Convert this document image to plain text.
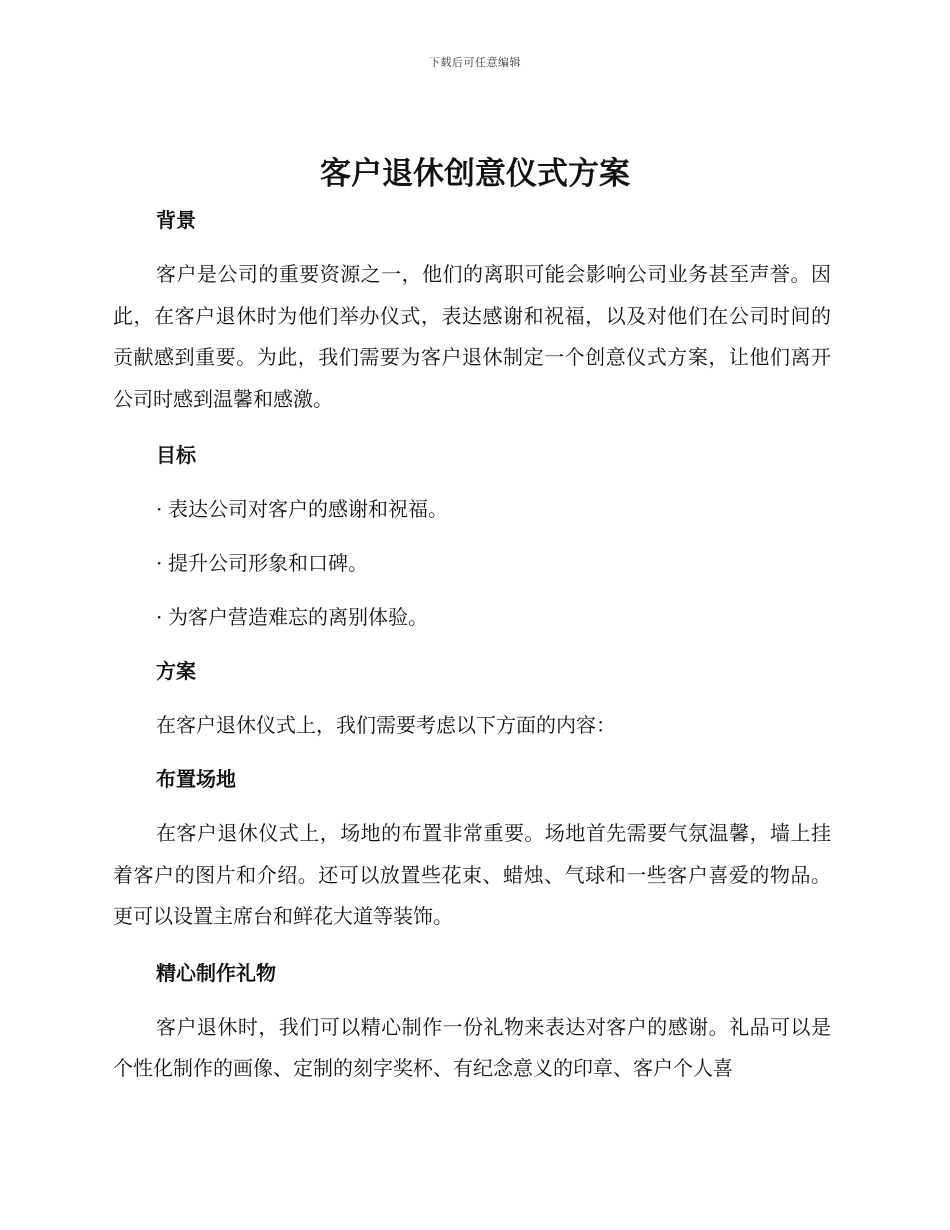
下载后可任意编辑
客户退休创意仪式方案
背景

客户是公司的重要资源之一，他们的离职可能会影响公司业务甚至声誉。因此，在客户退休时为他们举办仪式，表达感谢和祝福，以及对他们在公司时间的贡献感到重要。为此，我们需要为客户退休制定一个创意仪式方案，让他们离开公司时感到温馨和感激。

目标
· 表达公司对客户的感谢和祝福。
· 提升公司形象和口碑。
· 为客户营造难忘的离别体验。
方案
在客户退休仪式上，我们需要考虑以下方面的内容：
布置场地

在客户退休仪式上，场地的布置非常重要。场地首先需要气氛温馨，墙上挂着客户的图片和介绍。还可以放置些花束、蜡烛、气球和一些客户喜爱的物品。更可以设置主席台和鲜花大道等装饰。

精心制作礼物

客户退休时，我们可以精心制作一份礼物来表达对客户的感谢。礼品可以是个性化制作的画像、定制的刻字奖杯、有纪念意义的印章、客户个人喜
